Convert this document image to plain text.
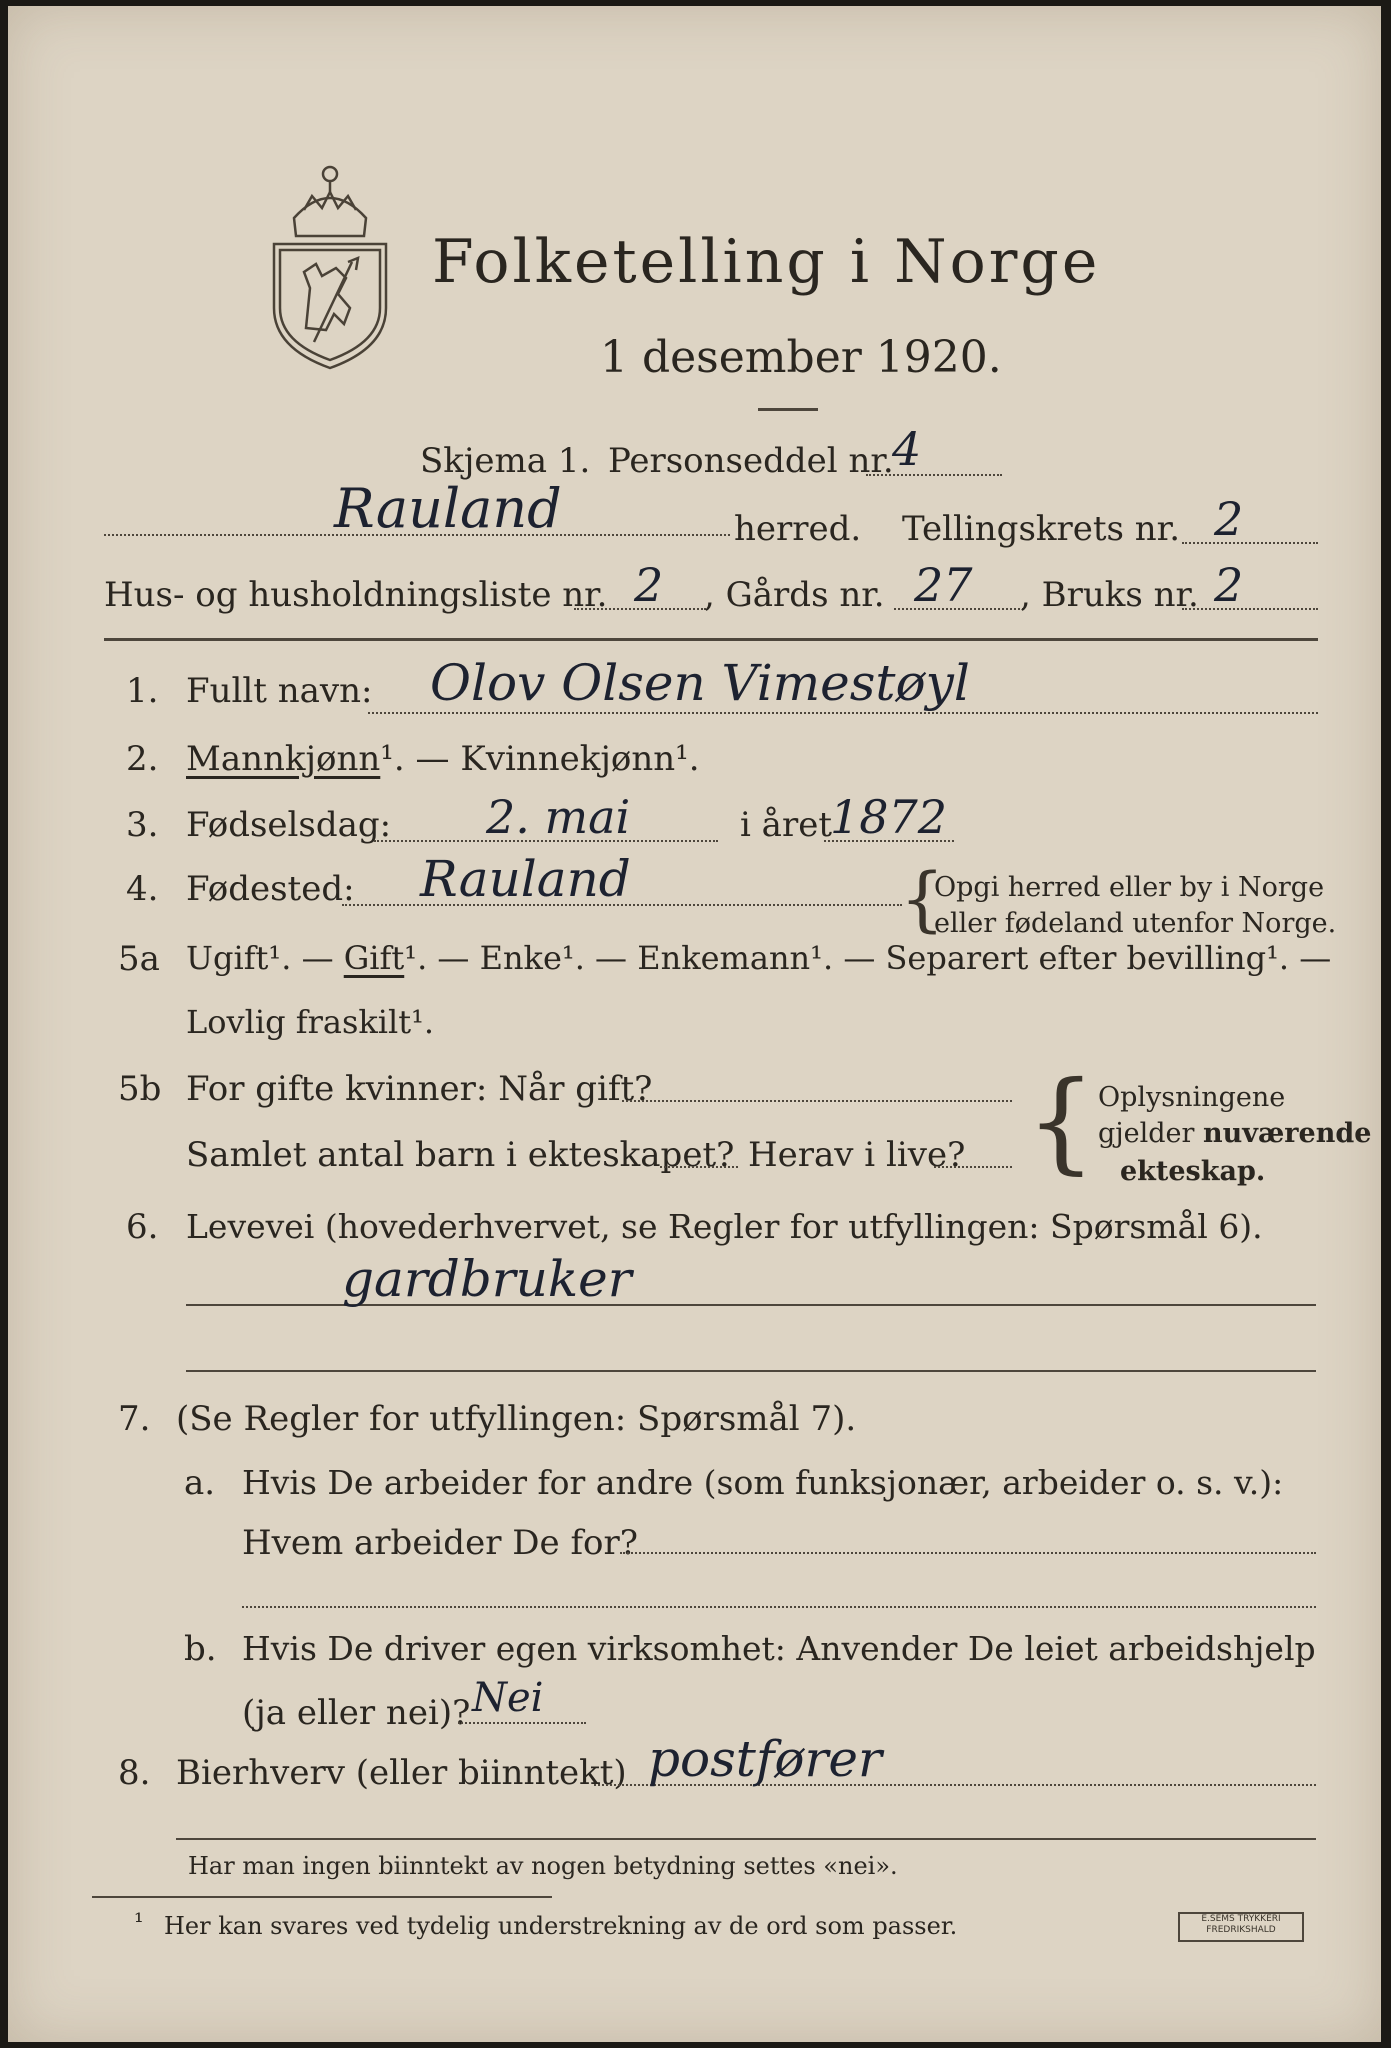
Folketelling i Norge
1 desember 1920.
Skjema 1. Personseddel nr.
4
Rauland	herred. Tellingskrets nr. 2
Hus- og husholdningsliste nr. 2 , Gårds nr. 27 , Bruks nr. 2
1. Fullt navn: Olov Olsen Vimestøyl
2. Mannkjønn¹. — Kvinnekjønn¹.
3. Fødselsdag: 2. mai	i året
1872
4. Fødested: Rauland	{
Opgi herred eller by i Norge
eller fødeland utenfor Norge.
5a Ugift¹. — Gift¹. — Enke¹. — Enkemann¹. — Separert efter bevilling¹. —
Lovlig fraskilt¹.
5b For gifte kvinner: Når gift?
Samlet antal barn i ekteskapet? Herav i live? { Oplysningene
gjelder nuværende
ekteskap.
6. Levevei (hovederhvervet, se Regler for utfyllingen: Spørsmål 6).
gardbruker
7. (Se Regler for utfyllingen: Spørsmål 7).
a. Hvis De arbeider for andre (som funksjonær, arbeider o. s. v.):
Hvem arbeider De for?
b. Hvis De driver egen virksomhet: Anvender De leiet arbeidshjelp
(ja eller nei)? Nei
8. Bierhverv (eller biinntekt) postfører
Har man ingen biinntekt av nogen betydning settes «nei».
¹ Her kan svares ved tydelig understrekning av de ord som passer.	E.SEMS TRYKKERI FREDRIKSHALD
